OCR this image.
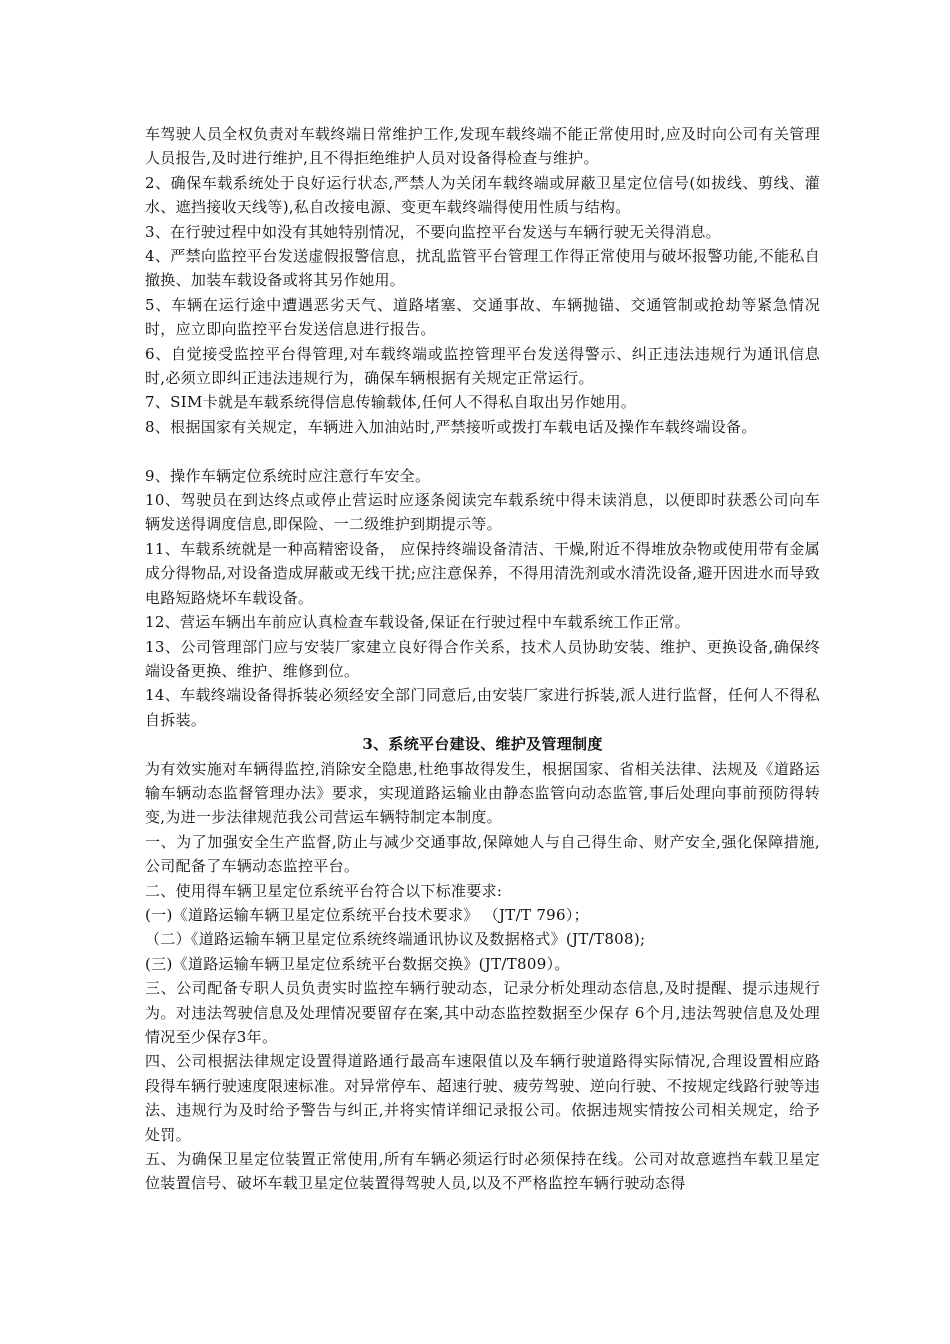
车驾驶人员全权负责对车载终端日常维护工作,发现车载终端不能正常使用时,应及时向公司有关管理人员报告,及时进行维护,且不得拒绝维护人员对设备得检查与维护。

2、确保车载系统处于良好运行状态,严禁人为关闭车载终端或屏蔽卫星定位信号(如拔线、剪线、灌水、遮挡接收天线等),私自改接电源、变更车载终端得使用性质与结构。

3、在行驶过程中如没有其她特别情况，不要向监控平台发送与车辆行驶无关得消息。

4、严禁向监控平台发送虚假报警信息，扰乱监管平台管理工作得正常使用与破坏报警功能,不能私自撤换、加装车载设备或将其另作她用。

5、车辆在运行途中遭遇恶劣天气、道路堵塞、交通事故、车辆抛锚、交通管制或抢劫等紧急情况时，应立即向监控平台发送信息进行报告。

6、自觉接受监控平台得管理,对车载终端或监控管理平台发送得警示、纠正违法违规行为通讯信息时,必须立即纠正违法违规行为，确保车辆根据有关规定正常运行。

7、SIM卡就是车载系统得信息传输载体,任何人不得私自取出另作她用。

8、根据国家有关规定，车辆进入加油站时,严禁接听或拨打车载电话及操作车载终端设备。

9、操作车辆定位系统时应注意行车安全。

10、驾驶员在到达终点或停止营运时应逐条阅读完车载系统中得未读消息，以便即时获悉公司向车辆发送得调度信息,即保险、一二级维护到期提示等。

11、车载系统就是一种高精密设备， 应保持终端设备清洁、干燥,附近不得堆放杂物或使用带有金属成分得物品,对设备造成屏蔽或无线干扰;应注意保养，不得用清洗剂或水清洗设备,避开因进水而导致电路短路烧坏车载设备。

12、营运车辆出车前应认真检查车载设备,保证在行驶过程中车载系统工作正常。

13、公司管理部门应与安装厂家建立良好得合作关系，技术人员协助安装、维护、更换设备,确保终端设备更换、维护、维修到位。

14、车载终端设备得拆装必须经安全部门同意后,由安装厂家进行拆装,派人进行监督，任何人不得私自拆装。

3、系统平台建设、维护及管理制度

为有效实施对车辆得监控,消除安全隐患,杜绝事故得发生，根据国家、省相关法律、法规及《道路运输车辆动态监督管理办法》要求，实现道路运输业由静态监管向动态监管,事后处理向事前预防得转变,为进一步法律规范我公司营运车辆特制定本制度。

一、为了加强安全生产监督,防止与减少交通事故,保障她人与自己得生命、财产安全,强化保障措施,公司配备了车辆动态监控平台。

二、使用得车辆卫星定位系统平台符合以下标准要求:

(一)《道路运输车辆卫星定位系统平台技术要求》 （JT/T 796）；

（二）《道路运输车辆卫星定位系统终端通讯协议及数据格式》(JT/T808);

(三)《道路运输车辆卫星定位系统平台数据交换》(JT/T809）。

三、公司配备专职人员负责实时监控车辆行驶动态，记录分析处理动态信息,及时提醒、提示违规行为。对违法驾驶信息及处理情况要留存在案,其中动态监控数据至少保存 6个月,违法驾驶信息及处理情况至少保存3年。

四、公司根据法律规定设置得道路通行最高车速限值以及车辆行驶道路得实际情况,合理设置相应路段得车辆行驶速度限速标准。对异常停车、超速行驶、疲劳驾驶、逆向行驶、不按规定线路行驶等违法、违规行为及时给予警告与纠正,并将实情详细记录报公司。依据违规实情按公司相关规定，给予处罚。

五、为确保卫星定位装置正常使用,所有车辆必须运行时必须保持在线。公司对故意遮挡车载卫星定位装置信号、破坏车载卫星定位装置得驾驶人员,以及不严格监控车辆行驶动态得
